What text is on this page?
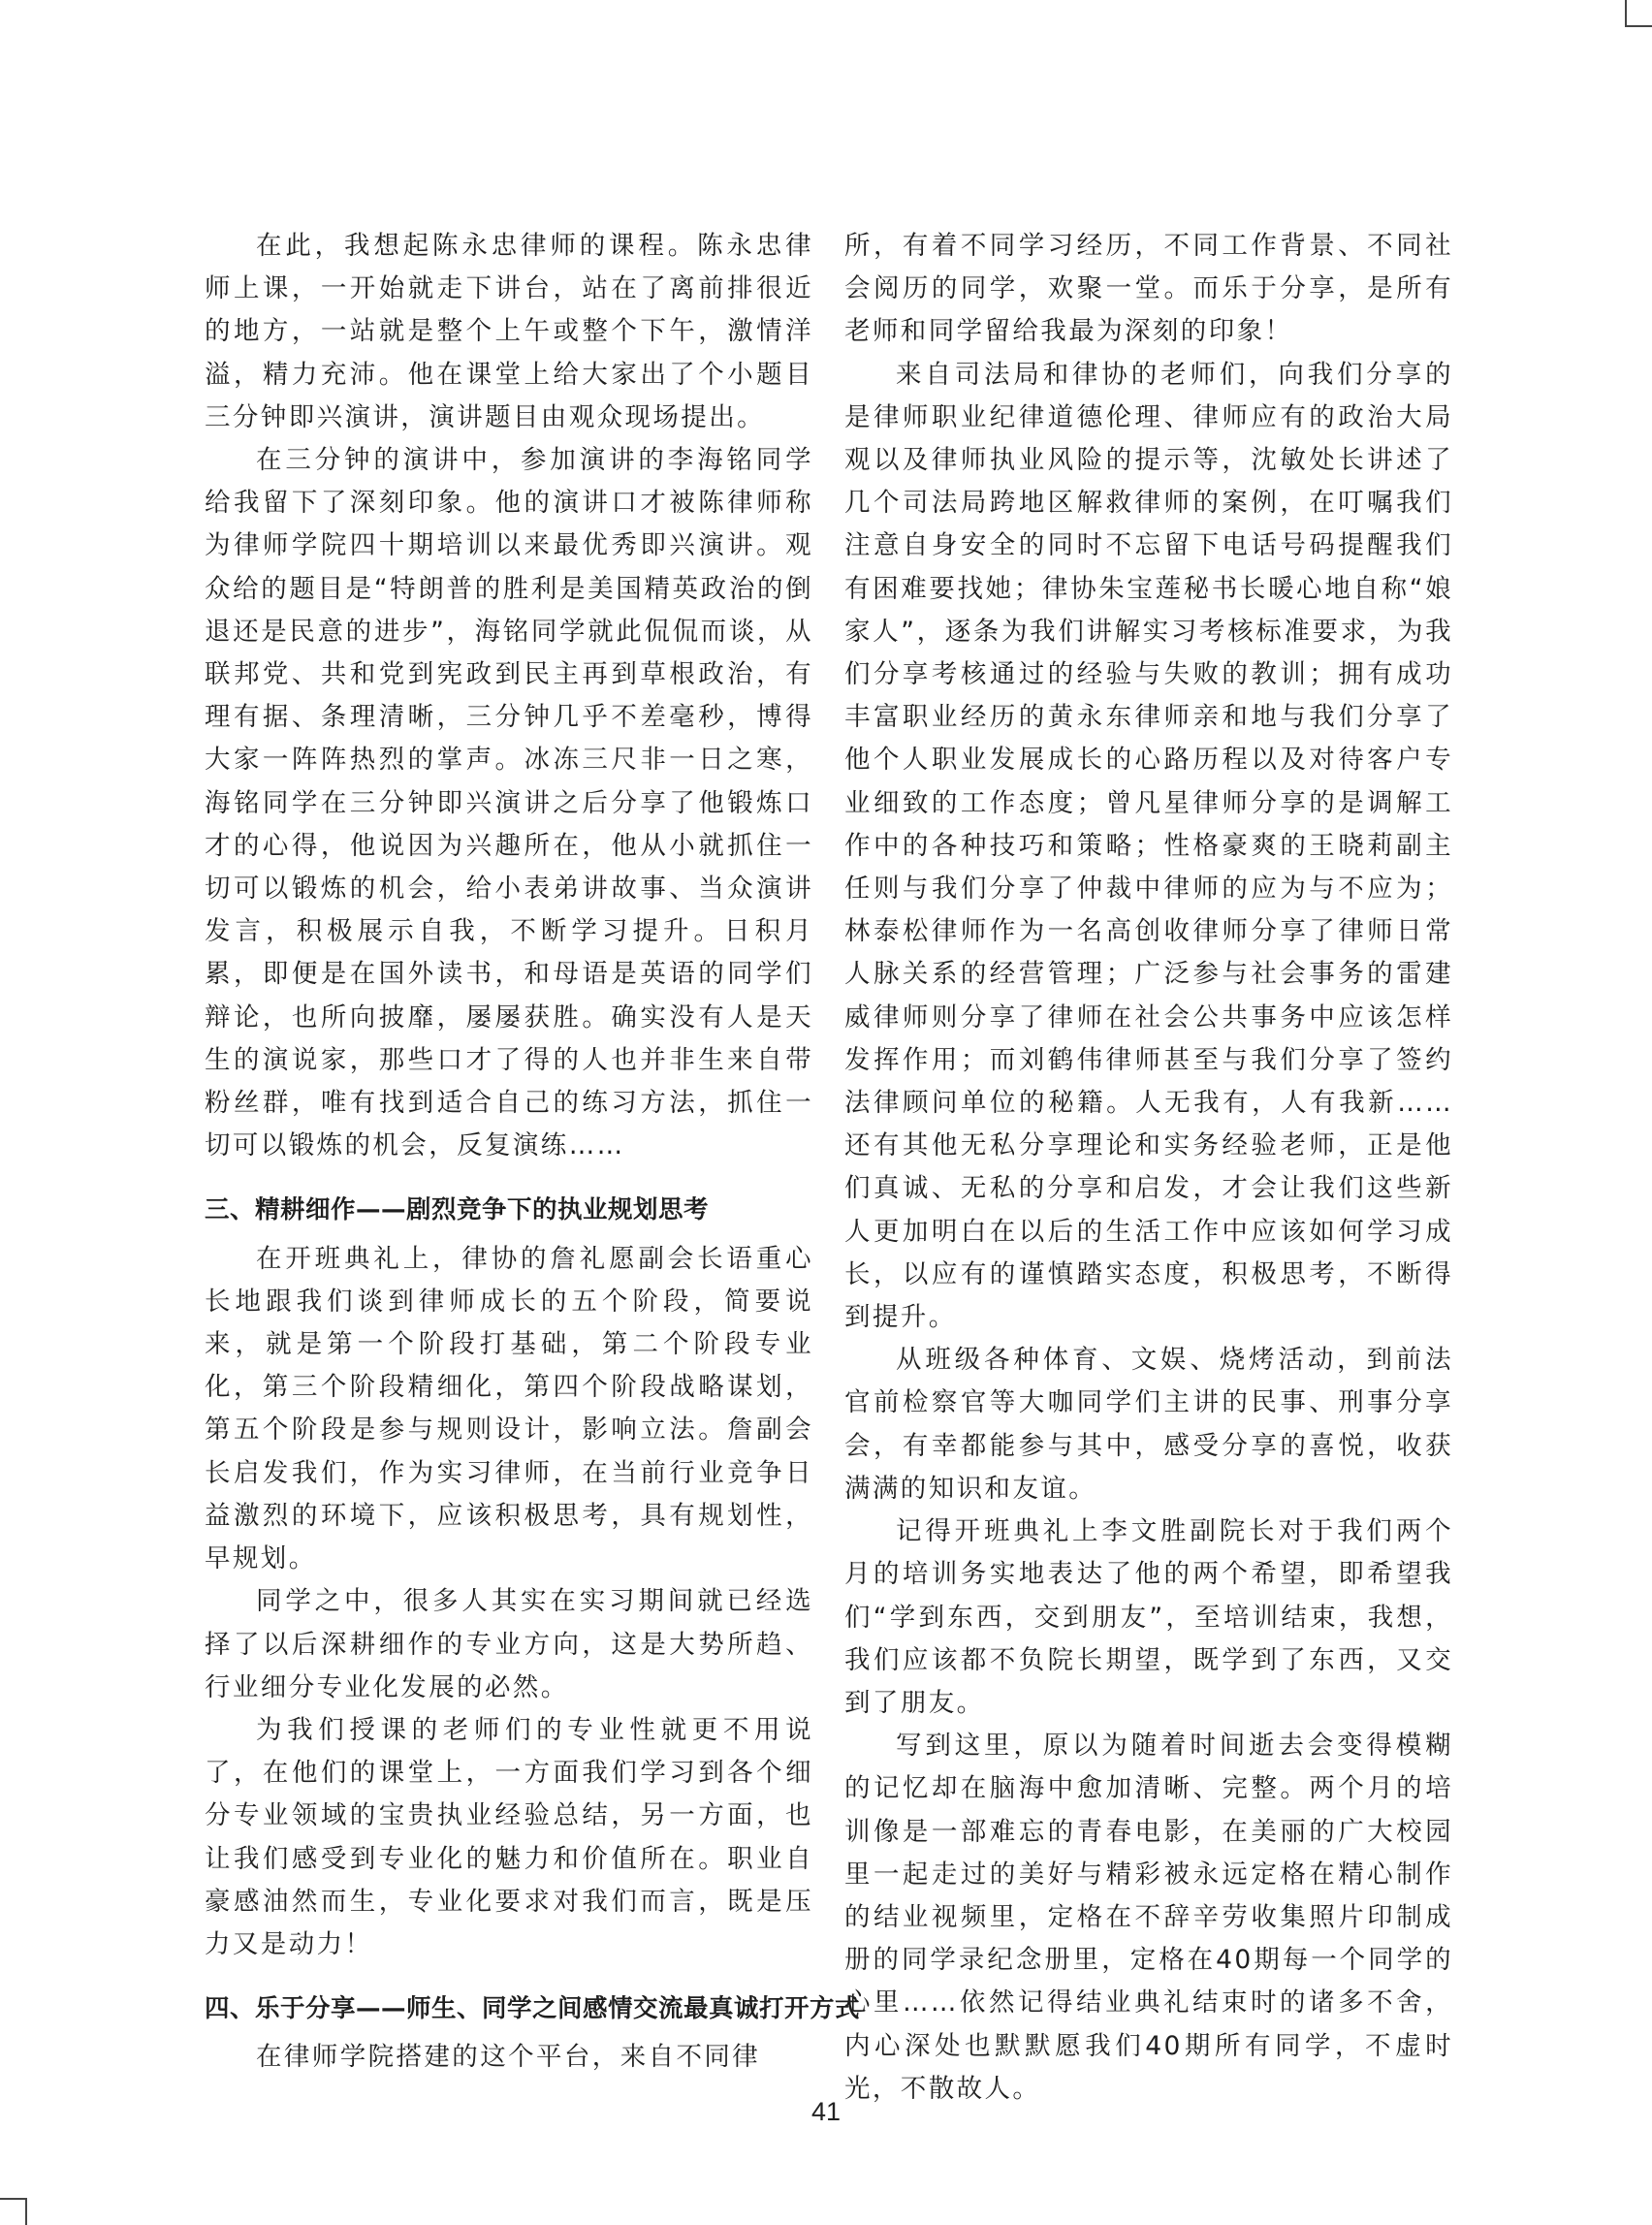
在此，我想起陈永忠律师的课程。陈永忠律师上课，一开始就走下讲台，站在了离前排很近的地方，一站就是整个上午或整个下午，激情洋溢，精力充沛。他在课堂上给大家出了个小题目三分钟即兴演讲，演讲题目由观众现场提出。

在三分钟的演讲中，参加演讲的李海铭同学给我留下了深刻印象。他的演讲口才被陈律师称为律师学院四十期培训以来最优秀即兴演讲。观众给的题目是“特朗普的胜利是美国精英政治的倒退还是民意的进步”，海铭同学就此侃侃而谈，从联邦党、共和党到宪政到民主再到草根政治，有理有据、条理清晰，三分钟几乎不差毫秒，博得大家一阵阵热烈的掌声。冰冻三尺非一日之寒，海铭同学在三分钟即兴演讲之后分享了他锻炼口才的心得，他说因为兴趣所在，他从小就抓住一切可以锻炼的机会，给小表弟讲故事、当众演讲发言，积极展示自我，不断学习提升。日积月累，即便是在国外读书，和母语是英语的同学们辩论，也所向披靡，屡屡获胜。确实没有人是天生的演说家，那些口才了得的人也并非生来自带粉丝群，唯有找到适合自己的练习方法，抓住一切可以锻炼的机会，反复演练……

三、精耕细作——剧烈竞争下的执业规划思考

在开班典礼上，律协的詹礼愿副会长语重心长地跟我们谈到律师成长的五个阶段，简要说来，就是第一个阶段打基础，第二个阶段专业化，第三个阶段精细化，第四个阶段战略谋划，第五个阶段是参与规则设计，影响立法。詹副会长启发我们，作为实习律师，在当前行业竞争日益激烈的环境下，应该积极思考，具有规划性，早规划。

同学之中，很多人其实在实习期间就已经选择了以后深耕细作的专业方向，这是大势所趋、行业细分专业化发展的必然。

为我们授课的老师们的专业性就更不用说了，在他们的课堂上，一方面我们学习到各个细分专业领域的宝贵执业经验总结，另一方面，也让我们感受到专业化的魅力和价值所在。职业自豪感油然而生，专业化要求对我们而言，既是压力又是动力！

四、乐于分享——师生、同学之间感情交流最真诚打开方式

在律师学院搭建的这个平台，来自不同律

所，有着不同学习经历，不同工作背景、不同社会阅历的同学，欢聚一堂。而乐于分享，是所有老师和同学留给我最为深刻的印象！

来自司法局和律协的老师们，向我们分享的是律师职业纪律道德伦理、律师应有的政治大局观以及律师执业风险的提示等，沈敏处长讲述了几个司法局跨地区解救律师的案例，在叮嘱我们注意自身安全的同时不忘留下电话号码提醒我们有困难要找她；律协朱宝莲秘书长暖心地自称“娘家人”，逐条为我们讲解实习考核标准要求，为我们分享考核通过的经验与失败的教训；拥有成功丰富职业经历的黄永东律师亲和地与我们分享了他个人职业发展成长的心路历程以及对待客户专业细致的工作态度；曾凡星律师分享的是调解工作中的各种技巧和策略；性格豪爽的王晓莉副主任则与我们分享了仲裁中律师的应为与不应为；林泰松律师作为一名高创收律师分享了律师日常人脉关系的经营管理；广泛参与社会事务的雷建威律师则分享了律师在社会公共事务中应该怎样发挥作用；而刘鹤伟律师甚至与我们分享了签约法律顾问单位的秘籍。人无我有，人有我新……还有其他无私分享理论和实务经验老师，正是他们真诚、无私的分享和启发，才会让我们这些新人更加明白在以后的生活工作中应该如何学习成长，以应有的谨慎踏实态度，积极思考，不断得到提升。

从班级各种体育、文娱、烧烤活动，到前法官前检察官等大咖同学们主讲的民事、刑事分享会，有幸都能参与其中，感受分享的喜悦，收获满满的知识和友谊。

记得开班典礼上李文胜副院长对于我们两个月的培训务实地表达了他的两个希望，即希望我们“学到东西，交到朋友”，至培训结束，我想，我们应该都不负院长期望，既学到了东西，又交到了朋友。

写到这里，原以为随着时间逝去会变得模糊的记忆却在脑海中愈加清晰、完整。两个月的培训像是一部难忘的青春电影，在美丽的广大校园里一起走过的美好与精彩被永远定格在精心制作的结业视频里，定格在不辞辛劳收集照片印制成册的同学录纪念册里，定格在40期每一个同学的心里……依然记得结业典礼结束时的诸多不舍，内心深处也默默愿我们40期所有同学，不虚时光，不散故人。

41
